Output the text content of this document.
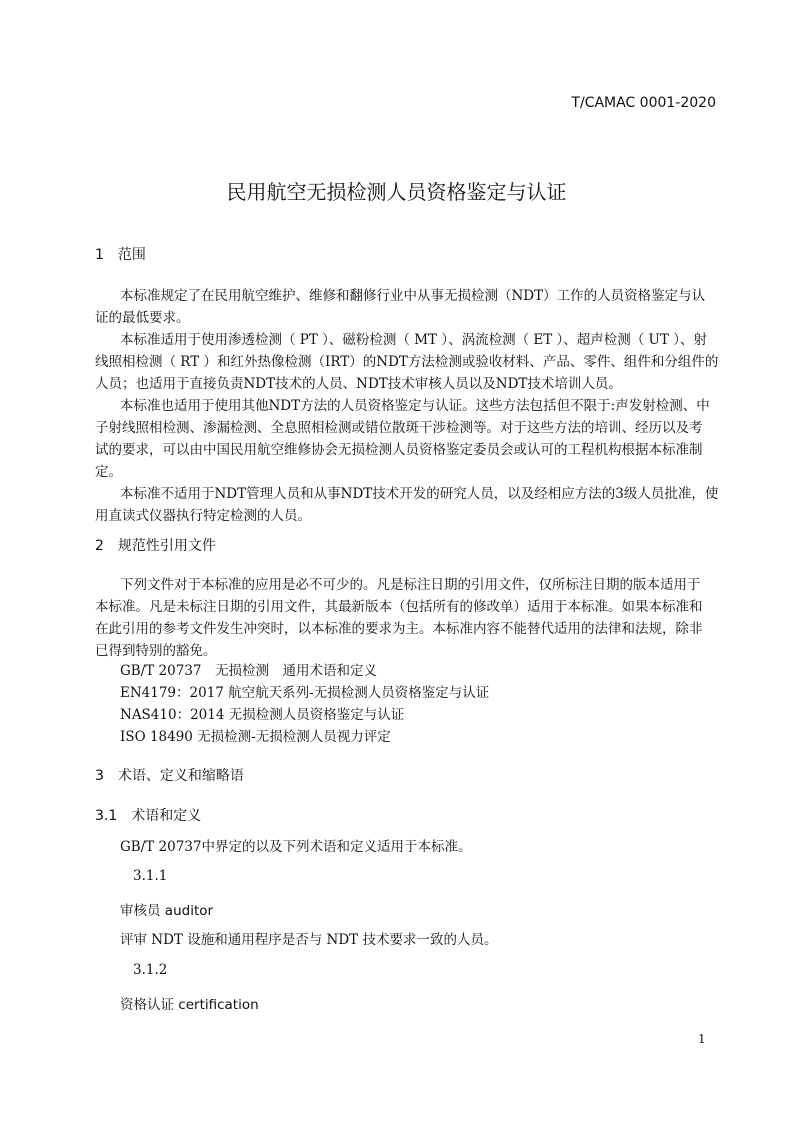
T/CAMAC 0001-2020
民用航空无损检测人员资格鉴定与认证
1　范围
本标准规定了在民用航空维护、维修和翻修行业中从事无损检测（NDT）工作的人员资格鉴定与认
证的最低要求。
本标准适用于使用渗透检测（ PT ）、磁粉检测（ MT ）、涡流检测（ ET ）、超声检测（ UT ）、射
线照相检测（ RT ）和红外热像检测（IRT）的NDT方法检测或验收材料、产品、零件、组件和分组件的
人员；也适用于直接负责NDT技术的人员、NDT技术审核人员以及NDT技术培训人员。
本标准也适用于使用其他NDT方法的人员资格鉴定与认证。这些方法包括但不限于:声发射检测、中
子射线照相检测、渗漏检测、全息照相检测或错位散斑干涉检测等。对于这些方法的培训、经历以及考
试的要求，可以由中国民用航空维修协会无损检测人员资格鉴定委员会或认可的工程机构根据本标准制
定。
本标准不适用于NDT管理人员和从事NDT技术开发的研究人员，以及经相应方法的3级人员批准，使
用直读式仪器执行特定检测的人员。
2　规范性引用文件
下列文件对于本标准的应用是必不可少的。凡是标注日期的引用文件，仅所标注日期的版本适用于
本标准。凡是未标注日期的引用文件，其最新版本（包括所有的修改单）适用于本标准。如果本标准和
在此引用的参考文件发生冲突时，以本标准的要求为主。本标准内容不能替代适用的法律和法规，除非
已得到特别的豁免。
GB/T 20737　无损检测　通用术语和定义
EN4179：2017 航空航天系列-无损检测人员资格鉴定与认证
NAS410：2014 无损检测人员资格鉴定与认证
ISO 18490 无损检测-无损检测人员视力评定
3　术语、定义和缩略语
3.1　术语和定义
GB/T 20737中界定的以及下列术语和定义适用于本标准。
3.1.1
审核员 auditor
评审 NDT 设施和通用程序是否与 NDT 技术要求一致的人员。
3.1.2
资格认证 certification
1
